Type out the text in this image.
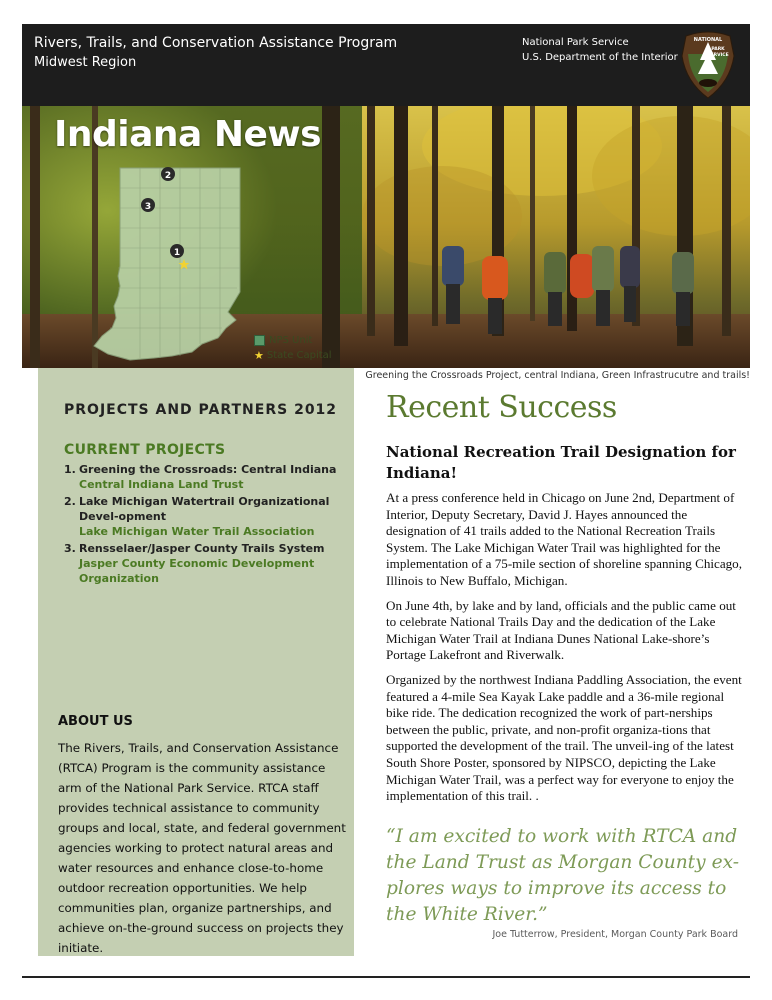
Rivers, Trails, and Conservation Assistance Program
Midwest Region
National Park Service
U.S. Department of the Interior
NATIONAL
PARK
SERVICE
2
3
1
Indiana News
NPS Unit
★ State Capital
Greening the Crossroads Project, central Indiana, Green Infrastrucutre and trails!
PROJECTS AND PARTNERS 2012
CURRENT PROJECTS
1. Greening the Crossroads: Central Indiana
Central Indiana Land Trust
2. Lake Michigan Watertrail Organizational Devel-opment
Lake Michigan Water Trail Association
3. Rensselaer/Jasper County Trails System
Jasper County Economic Development Organization
ABOUT US
The Rivers, Trails, and Conservation Assistance (RTCA) Program is the community assistance arm of the National Park Service. RTCA staff provides technical assistance to community groups and local, state, and federal government agencies working to protect natural areas and water resources and enhance close-to-home outdoor recreation opportunities. We help communities plan, organize partnerships, and achieve on-the-ground success on projects they initiate.
Recent Success
National Recreation Trail Designation for Indiana!

At a press conference held in Chicago on June 2nd, Department of Interior, Deputy Secretary, David J. Hayes announced the designation of 41 trails added to the National Recreation Trails System. The Lake Michigan Water Trail was highlighted for the implementation of a 75-mile section of shoreline spanning Chicago, Illinois to New Buffalo, Michigan.

On June 4th, by lake and by land, officials and the public came out to celebrate National Trails Day and the dedication of the Lake Michigan Water Trail at Indiana Dunes National Lake-shore’s Portage Lakefront and Riverwalk.

Organized by the northwest Indiana Paddling Association, the event featured a 4-mile Sea Kayak Lake paddle and a 36-mile regional bike ride. The dedication recognized the work of part-nerships between the public, private, and non-profit organiza-tions that supported the development of the trail. The unveil-ing of the latest South Shore Poster, sponsored by NIPSCO, depicting the Lake Michigan Water Trail, was a perfect way for everyone to enjoy the implementation of this trail. .

“I am excited to work with RTCA and the Land Trust as Morgan County ex-plores ways to improve its access to the White River.”
Joe Tutterrow, President, Morgan County Park Board
